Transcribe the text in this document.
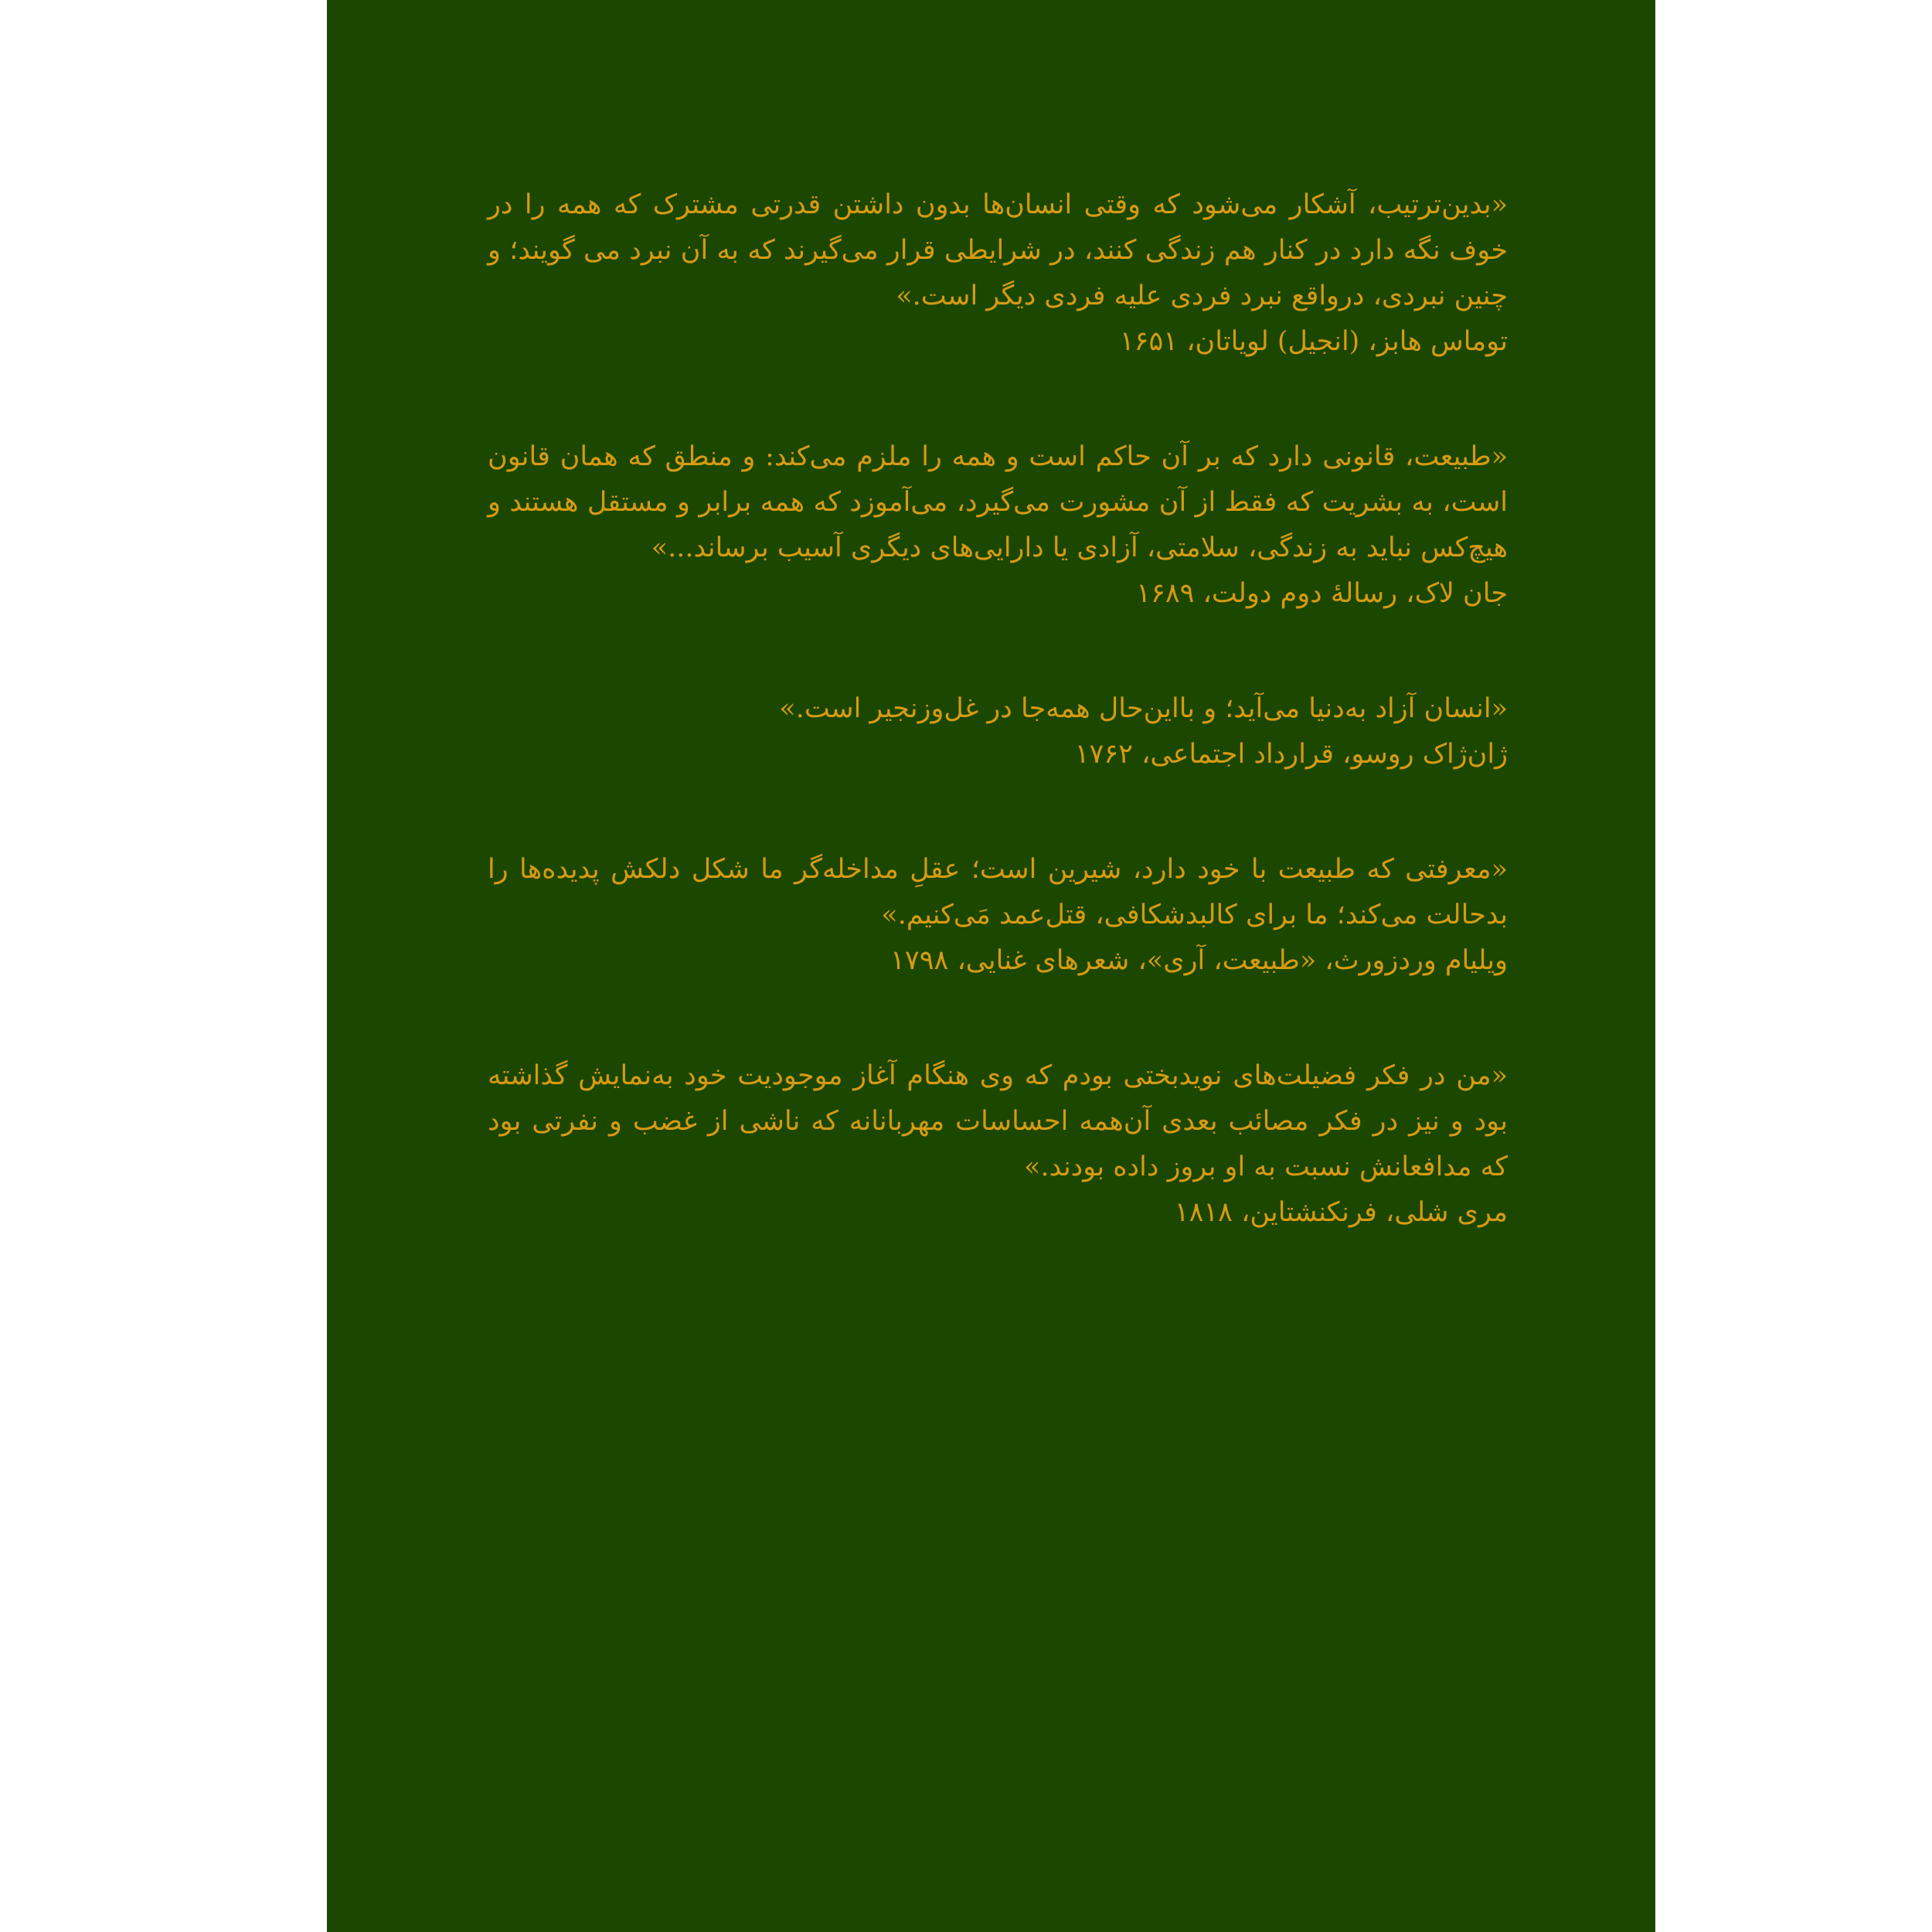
«بدین‌ترتیب، آشکار می‌شود که وقتی انسان‌ها بدون داشتن قدرتی مشترک که همه را در خوف نگه دارد در کنار هم زندگی کنند، در شرایطی قرار می‌گیرند که به آن نبرد می گویند؛ و چنین نبردی، درواقع نبرد فردی علیه فردی دیگر است.»

توماس هابز، (انجیل) لویاتان، ۱۶۵۱

«طبیعت، قانونی دارد که بر آن حاکم است و همه را ملزم می‌کند: و منطق که همان قانون است، به بشریت که فقط از آن مشورت می‌گیرد، می‌آموزد که همه برابر و مستقل هستند و هیچ‌کس نباید به زندگی، سلامتی، آزادی یا دارایی‌های دیگری آسیب برساند...»

جان لاک، رسالهٔ دوم دولت، ۱۶۸۹

«انسان آزاد به‌دنیا می‌آید؛ و بااین‌حال همه‌جا در غل‌وزنجیر است.»

ژان‌ژاک روسو، قرارداد اجتماعی، ۱۷۶۲

«معرفتی که طبیعت با خود دارد، شیرین است؛ عقلِ مداخله‌گر ما شکل دلکش پدیده‌ها را بدحالت می‌کند؛ ما برای کالبدشکافی، قتل‌عمد مَی‌کنیم.»

ویلیام وردزورث، «طبیعت، آری»، شعرهای غنایی، ۱۷۹۸

«من در فکر فضیلت‌های نویدبختی بودم که وی هنگام آغاز موجودیت خود به‌نمایش گذاشته بود و نیز در فکر مصائب بعدی آن‌همه احساسات مهربانانه که ناشی از غضب و نفرتی بود که مدافعانش نسبت به او بروز داده بودند.»

مری شلی، فرنکنشتاین، ۱۸۱۸
